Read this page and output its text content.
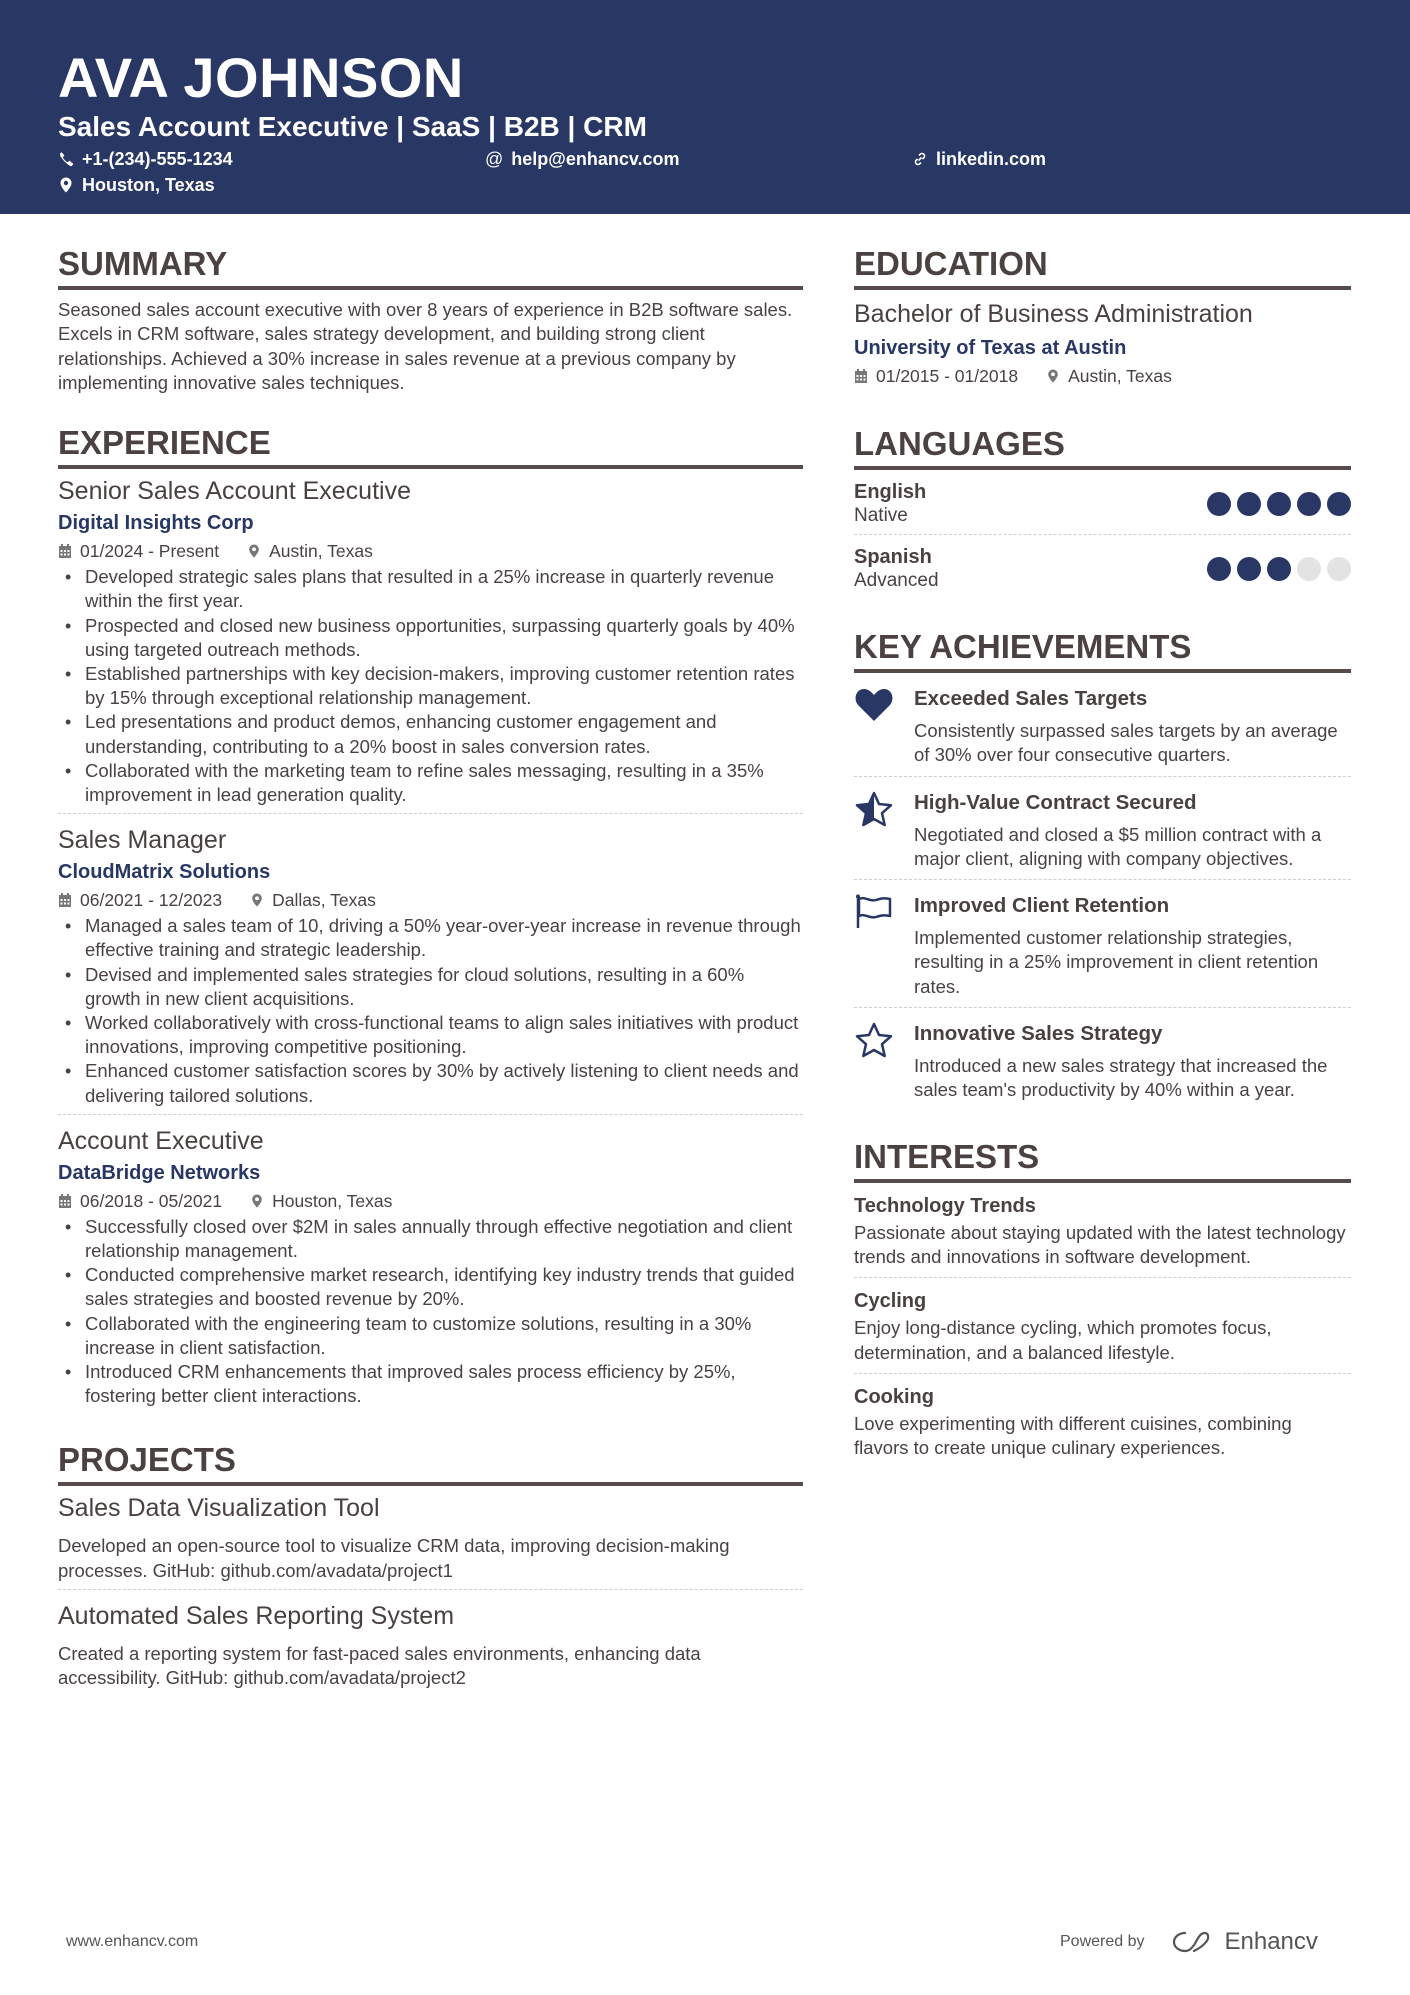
AVA JOHNSON
Sales Account Executive | SaaS | B2B | CRM
+1-(234)-555-1234	@ help@enhancv.com	linkedin.com
Houston, Texas
SUMMARY

Seasoned sales account executive with over 8 years of experience in B2B software sales. Excels in CRM software, sales strategy development, and building strong client relationships. Achieved a 30% increase in sales revenue at a previous company by implementing innovative sales techniques.

EXPERIENCE
Senior Sales Account Executive
Digital Insights Corp
01/2024 - Present	Austin, Texas
• Developed strategic sales plans that resulted in a 25% increase in quarterly revenue within the first year.
• Prospected and closed new business opportunities, surpassing quarterly goals by 40% using targeted outreach methods.
• Established partnerships with key decision-makers, improving customer retention rates by 15% through exceptional relationship management.
• Led presentations and product demos, enhancing customer engagement and understanding, contributing to a 20% boost in sales conversion rates.
• Collaborated with the marketing team to refine sales messaging, resulting in a 35% improvement in lead generation quality.
Sales Manager
CloudMatrix Solutions
06/2021 - 12/2023	Dallas, Texas
• Managed a sales team of 10, driving a 50% year-over-year increase in revenue through effective training and strategic leadership.
• Devised and implemented sales strategies for cloud solutions, resulting in a 60% growth in new client acquisitions.
• Worked collaboratively with cross-functional teams to align sales initiatives with product innovations, improving competitive positioning.
• Enhanced customer satisfaction scores by 30% by actively listening to client needs and delivering tailored solutions.
Account Executive
DataBridge Networks
06/2018 - 05/2021	Houston, Texas
• Successfully closed over $2M in sales annually through effective negotiation and client relationship management.
• Conducted comprehensive market research, identifying key industry trends that guided sales strategies and boosted revenue by 20%.
• Collaborated with the engineering team to customize solutions, resulting in a 30% increase in client satisfaction.
• Introduced CRM enhancements that improved sales process efficiency by 25%, fostering better client interactions.
PROJECTS
Sales Data Visualization Tool
Developed an open-source tool to visualize CRM data, improving decision-making processes. GitHub: github.com/avadata/project1
Automated Sales Reporting System
Created a reporting system for fast-paced sales environments, enhancing data accessibility. GitHub: github.com/avadata/project2
EDUCATION
Bachelor of Business Administration
University of Texas at Austin
01/2015 - 01/2018	Austin, Texas
LANGUAGES
English
Native
Spanish
Advanced
KEY ACHIEVEMENTS
Exceeded Sales Targets
Consistently surpassed sales targets by an average of 30% over four consecutive quarters.
High-Value Contract Secured
Negotiated and closed a $5 million contract with a major client, aligning with company objectives.
Improved Client Retention
Implemented customer relationship strategies, resulting in a 25% improvement in client retention rates.
Innovative Sales Strategy
Introduced a new sales strategy that increased the sales team's productivity by 40% within a year.
INTERESTS
Technology Trends
Passionate about staying updated with the latest technology trends and innovations in software development.
Cycling
Enjoy long-distance cycling, which promotes focus, determination, and a balanced lifestyle.
Cooking
Love experimenting with different cuisines, combining flavors to create unique culinary experiences.
www.enhancv.com	Powered by	Enhancv
